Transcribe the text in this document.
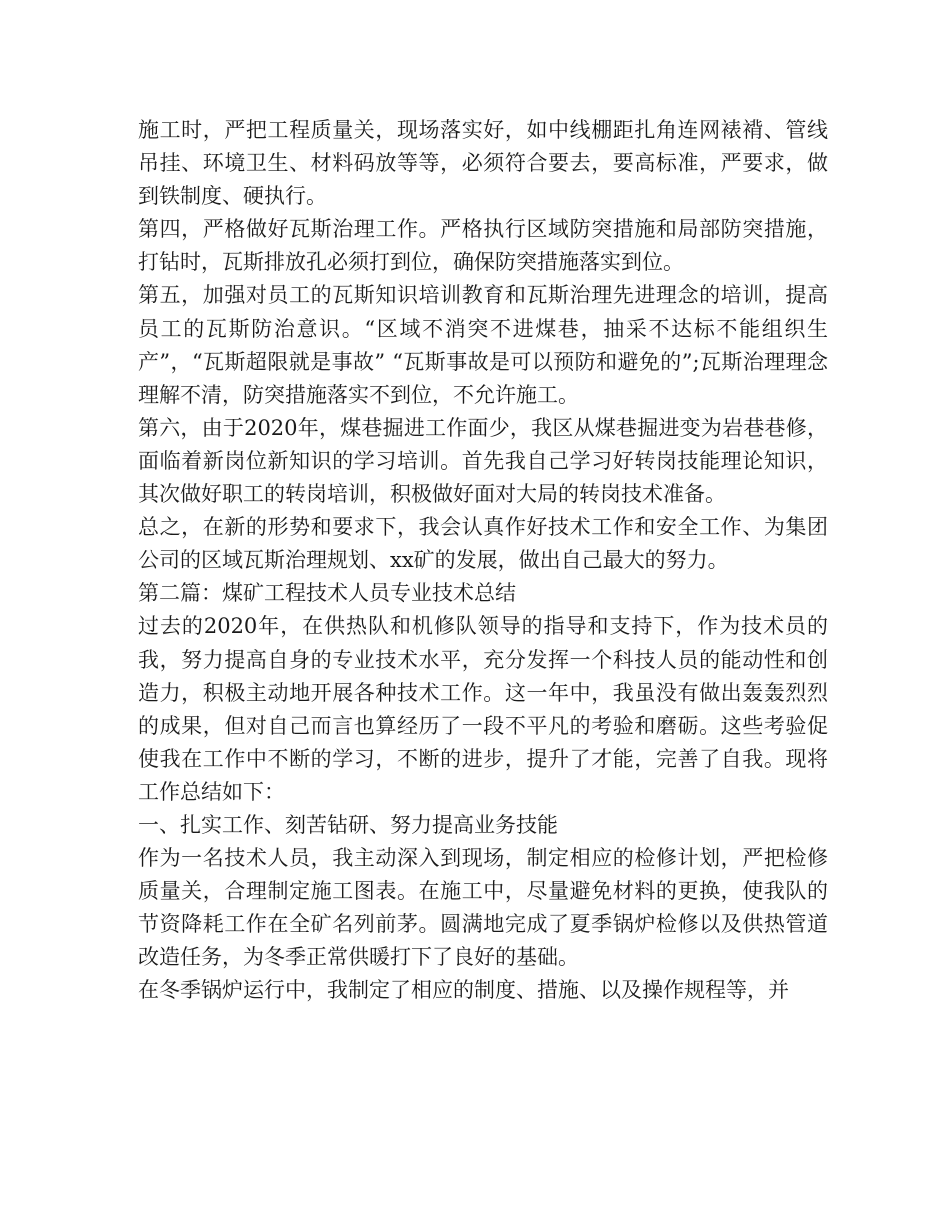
施工时，严把工程质量关，现场落实好，如中线棚距扎角连网裱褙、管线吊挂、环境卫生、材料码放等等，必须符合要去，要高标准，严要求，做到铁制度、硬执行。

第四，严格做好瓦斯治理工作。严格执行区域防突措施和局部防突措施，打钻时，瓦斯排放孔必须打到位，确保防突措施落实到位。

第五，加强对员工的瓦斯知识培训教育和瓦斯治理先进理念的培训，提高员工的瓦斯防治意识。“区域不消突不进煤巷，抽采不达标不能组织生产”，“瓦斯超限就是事故” “瓦斯事故是可以预防和避免的”;瓦斯治理理念理解不清，防突措施落实不到位，不允许施工。

第六，由于2020年，煤巷掘进工作面少，我区从煤巷掘进变为岩巷巷修，面临着新岗位新知识的学习培训。首先我自己学习好转岗技能理论知识，其次做好职工的转岗培训，积极做好面对大局的转岗技术准备。

总之，在新的形势和要求下，我会认真作好技术工作和安全工作、为集团公司的区域瓦斯治理规划、xx矿的发展，做出自己最大的努力。

第二篇：煤矿工程技术人员专业技术总结

过去的2020年，在供热队和机修队领导的指导和支持下，作为技术员的我，努力提高自身的专业技术水平，充分发挥一个科技人员的能动性和创造力，积极主动地开展各种技术工作。这一年中，我虽没有做出轰轰烈烈的成果，但对自己而言也算经历了一段不平凡的考验和磨砺。这些考验促使我在工作中不断的学习，不断的进步，提升了才能，完善了自我。现将工作总结如下：

一、扎实工作、刻苦钻研、努力提高业务技能

作为一名技术人员，我主动深入到现场，制定相应的检修计划，严把检修质量关，合理制定施工图表。在施工中，尽量避免材料的更换，使我队的节资降耗工作在全矿名列前茅。圆满地完成了夏季锅炉检修以及供热管道改造任务，为冬季正常供暖打下了良好的基础。

在冬季锅炉运行中，我制定了相应的制度、措施、以及操作规程等，并
